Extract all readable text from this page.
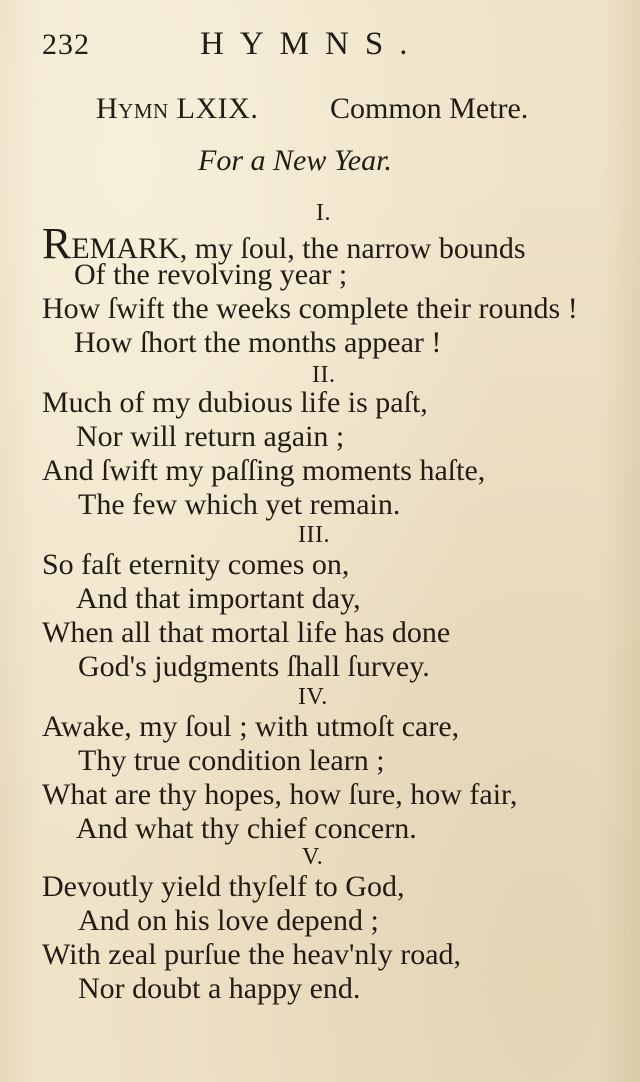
232	HYMNS.
Hymn LXIX. Common Metre.
For a New Year.
I.
REMARK, my ſoul, the narrow bounds
Of the revolving year ;
How ſwift the weeks complete their rounds !
How ſhort the months appear !
II.
Much of my dubious life is paſt,
Nor will return again ;
And ſwift my paſſing moments haſte,
The few which yet remain.
III.
So faſt eternity comes on,
And that important day,
When all that mortal life has done
God's judgments ſhall ſurvey.
IV.
Awake, my ſoul ; with utmoſt care,
Thy true condition learn ;
What are thy hopes, how ſure, how fair,
And what thy chief concern.
V.
Devoutly yield thyſelf to God,
And on his love depend ;
With zeal purſue the heav'nly road,
Nor doubt a happy end.
